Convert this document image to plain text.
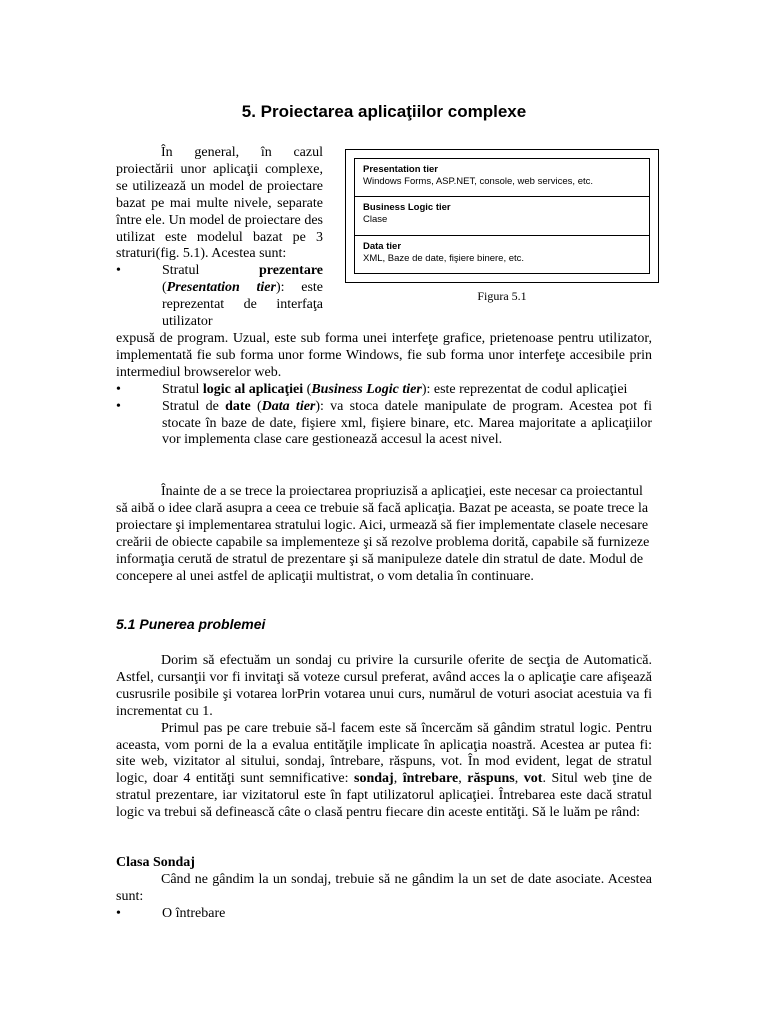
5. Proiectarea aplicaţiilor complexe

În general, în cazul proiectării unor aplicaţii complexe, se utilizează un model de proiectare bazat pe mai multe nivele, separate între ele. Un model de proiectare des utilizat este modelul bazat pe 3 straturi(fig. 5.1). Acestea sunt:

•	Stratul prezentare (Presentation tier): este reprezentat de interfaţa utilizator
Presentation tier
Windows Forms, ASP.NET, console, web services, etc.
Business Logic tier
Clase
Data tier
XML, Baze de date, fişiere binere, etc.
Figura 5.1

expusă de program. Uzual, este sub forma unei interfeţe grafice, prietenoase pentru utilizator, implementată fie sub forma unor forme Windows, fie sub forma unor interfeţe accesibile prin intermediul browserelor web.

•	Stratul logic al aplicaţiei (Business Logic tier): este reprezentat de codul aplicaţiei
•	Stratul de date (Data tier): va stoca datele manipulate de program. Acestea pot fi stocate în baze de date, fişiere xml, fişiere binare, etc. Marea majoritate a aplicaţiilor vor implementa clase care gestionează accesul la acest nivel.

Înainte de a se trece la proiectarea propriuzisă a aplicaţiei, este necesar ca proiectantul să aibă o idee clară asupra a ceea ce trebuie să facă aplicaţia. Bazat pe aceasta, se poate trece la proiectare şi implementarea stratului logic. Aici, urmează să fier implementate clasele necesare creării de obiecte capabile sa implementeze şi să rezolve problema dorită, capabile să furnizeze informaţia cerută de stratul de prezentare şi să manipuleze datele din stratul de date. Modul de concepere al unei astfel de aplicaţii multistrat, o vom detalia în continuare.

5.1 Punerea problemei

Dorim să efectuăm un sondaj cu privire la cursurile oferite de secţia de Automatică. Astfel, cursanţii vor fi invitaţi să voteze cursul preferat, având acces la o aplicaţie care afişează cusrusrile posibile şi votarea lorPrin votarea unui curs, numărul de voturi asociat acestuia va fi incrementat cu 1.

Primul pas pe care trebuie să-l facem este să încercăm să gândim stratul logic. Pentru aceasta, vom porni de la a evalua entităţile implicate în aplicaţia noastră. Acestea ar putea fi: site web, vizitator al sitului, sondaj, întrebare, răspuns, vot. În mod evident, legat de stratul logic, doar 4 entităţi sunt semnificative: sondaj, întrebare, răspuns, vot. Situl web ţine de stratul prezentare, iar vizitatorul este în fapt utilizatorul aplicaţiei. Întrebarea este dacă stratul logic va trebui să definească câte o clasă pentru fiecare din aceste entităţi. Să le luăm pe rând:

Clasa Sondaj

Când ne gândim la un sondaj, trebuie să ne gândim la un set de date asociate. Acestea sunt:

•	O întrebare
